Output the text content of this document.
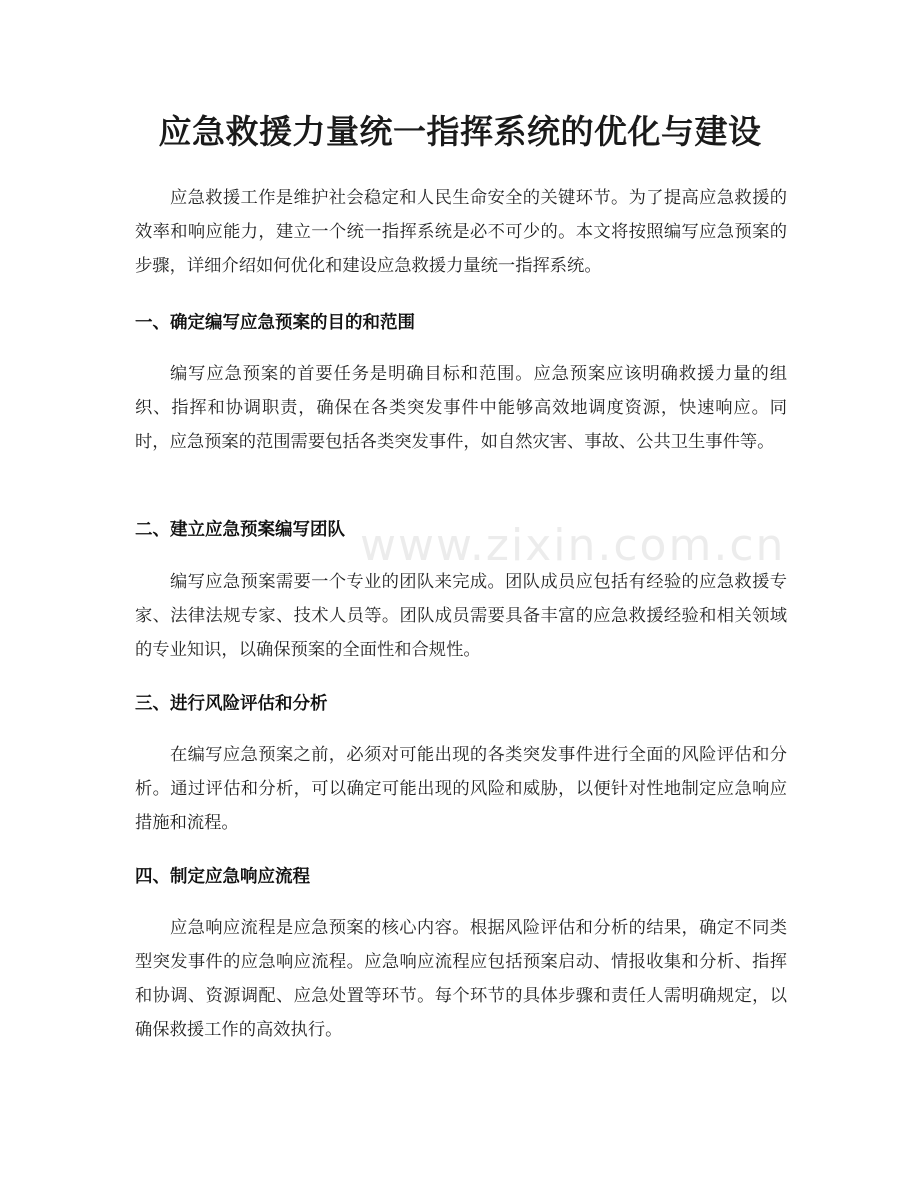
应急救援力量统一指挥系统的优化与建设

应急救援工作是维护社会稳定和人民生命安全的关键环节。为了提高应急救援的效率和响应能力，建立一个统一指挥系统是必不可少的。本文将按照编写应急预案的步骤，详细介绍如何优化和建设应急救援力量统一指挥系统。

一、确定编写应急预案的目的和范围

编写应急预案的首要任务是明确目标和范围。应急预案应该明确救援力量的组织、指挥和协调职责，确保在各类突发事件中能够高效地调度资源，快速响应。同时，应急预案的范围需要包括各类突发事件，如自然灾害、事故、公共卫生事件等。

二、建立应急预案编写团队

编写应急预案需要一个专业的团队来完成。团队成员应包括有经验的应急救援专家、法律法规专家、技术人员等。团队成员需要具备丰富的应急救援经验和相关领域的专业知识，以确保预案的全面性和合规性。

三、进行风险评估和分析

在编写应急预案之前，必须对可能出现的各类突发事件进行全面的风险评估和分析。通过评估和分析，可以确定可能出现的风险和威胁，以便针对性地制定应急响应措施和流程。

四、制定应急响应流程

应急响应流程是应急预案的核心内容。根据风险评估和分析的结果，确定不同类型突发事件的应急响应流程。应急响应流程应包括预案启动、情报收集和分析、指挥和协调、资源调配、应急处置等环节。每个环节的具体步骤和责任人需明确规定，以确保救援工作的高效执行。

www.zixin.com.cn
